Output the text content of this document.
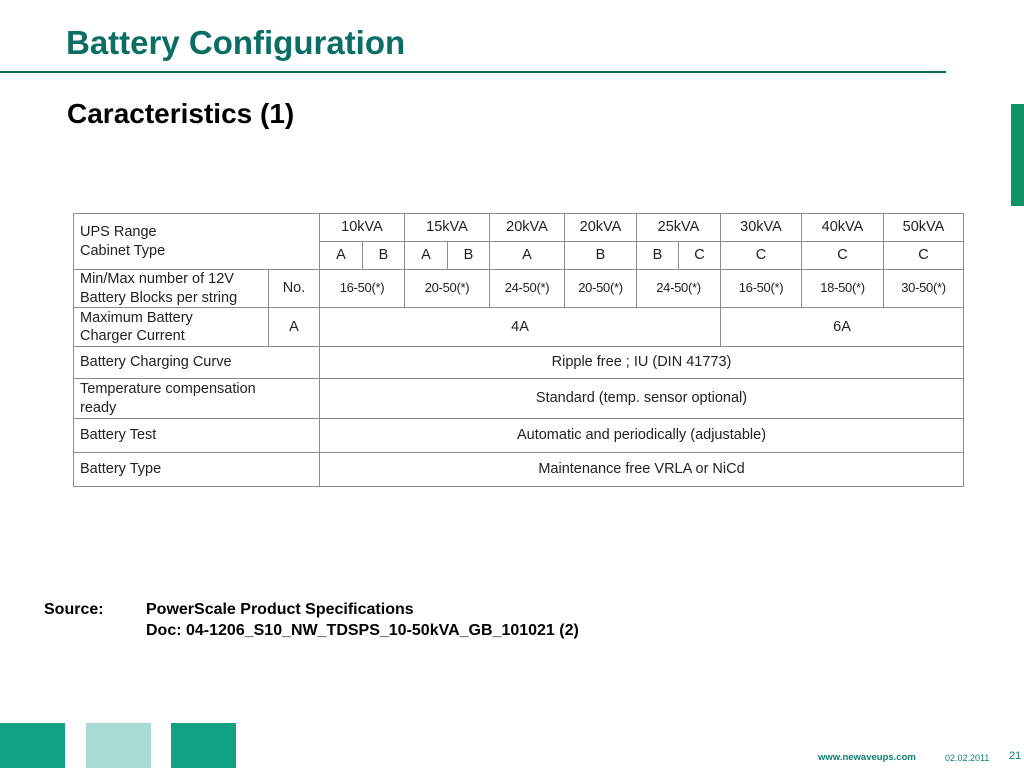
Battery Configuration
Caracteristics (1)
UPS Range
Cabinet Type		10kVA		15kVA		20kVA	20kVA	25kVA		30kVA	40kVA	50kVA
		A	B	A	B	A	B	B	C	C	C	C
Min/Max number of 12V
Battery Blocks per string	No.	16-50(*)		20-50(*)		24-50(*)	20-50(*)	24-50(*)		16-50(*)	18-50(*)	30-50(*)
Maximum Battery
Charger Current	A	4A								6A		
Battery Charging Curve		Ripple free ; IU (DIN 41773)										
Temperature compensation
ready		Standard (temp. sensor optional)										
Battery Test		Automatic and periodically (adjustable)										
Battery Type		Maintenance free VRLA or NiCd										
Source:	PowerScale Product Specifications
Doc: 04-1206_S10_NW_TDSPS_10-50kVA_GB_101021 (2)
www.newaveups.com	02.02.2011 21
